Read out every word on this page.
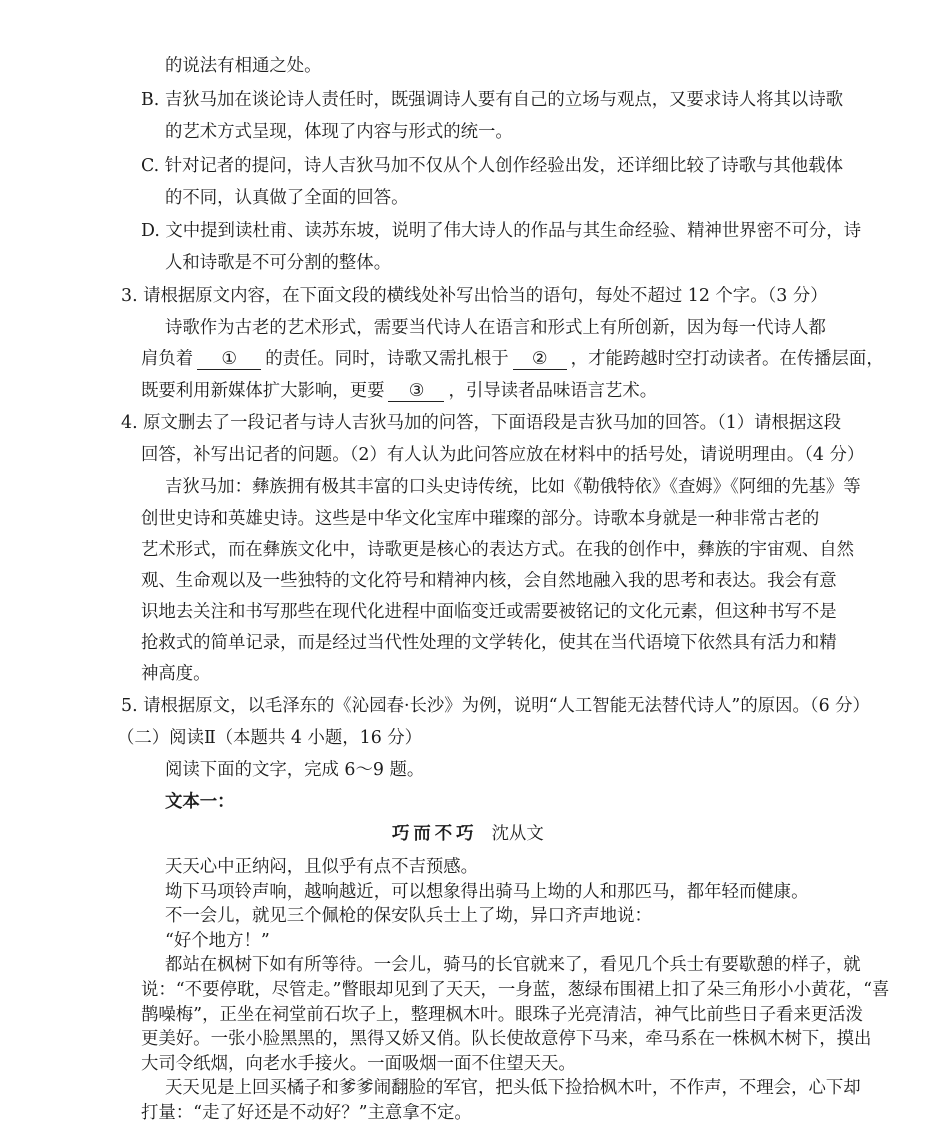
的说法有相通之处。
B. 吉狄马加在谈论诗人责任时，既强调诗人要有自己的立场与观点，又要求诗人将其以诗歌
的艺术方式呈现，体现了内容与形式的统一。
C. 针对记者的提问，诗人吉狄马加不仅从个人创作经验出发，还详细比较了诗歌与其他载体
的不同，认真做了全面的回答。
D. 文中提到读杜甫、读苏东坡，说明了伟大诗人的作品与其生命经验、精神世界密不可分，诗
人和诗歌是不可分割的整体。
3. 请根据原文内容，在下面文段的横线处补写出恰当的语句，每处不超过 12 个字。（3 分）
诗歌作为古老的艺术形式，需要当代诗人在语言和形式上有所创新，因为每一代诗人都
肩负着 ① 的责任。同时，诗歌又需扎根于 ② ，才能跨越时空打动读者。在传播层面，
既要利用新媒体扩大影响，更要 ③ ，引导读者品味语言艺术。
4. 原文删去了一段记者与诗人吉狄马加的问答，下面语段是吉狄马加的回答。（1）请根据这段
回答，补写出记者的问题。（2）有人认为此问答应放在材料中的括号处，请说明理由。（4 分）
吉狄马加：彝族拥有极其丰富的口头史诗传统，比如《勒俄特依》《查姆》《阿细的先基》等
创世史诗和英雄史诗。这些是中华文化宝库中璀璨的部分。诗歌本身就是一种非常古老的
艺术形式，而在彝族文化中，诗歌更是核心的表达方式。在我的创作中，彝族的宇宙观、自然
观、生命观以及一些独特的文化符号和精神内核，会自然地融入我的思考和表达。我会有意
识地去关注和书写那些在现代化进程中面临变迁或需要被铭记的文化元素，但这种书写不是
抢救式的简单记录，而是经过当代性处理的文学转化，使其在当代语境下依然具有活力和精
神高度。
5. 请根据原文，以毛泽东的《沁园春·长沙》为例，说明“人工智能无法替代诗人”的原因。（6 分）
（二）阅读Ⅱ（本题共 4 小题，16 分）
阅读下面的文字，完成 6～9 题。
文本一：
巧而不巧 沈从文
天天心中正纳闷，且似乎有点不吉预感。
坳下马项铃声响，越响越近，可以想象得出骑马上坳的人和那匹马，都年轻而健康。
不一会儿，就见三个佩枪的保安队兵士上了坳，异口齐声地说：
“好个地方！”
都站在枫树下如有所等待。一会儿，骑马的长官就来了，看见几个兵士有要歇憩的样子，就
说：“不要停耽，尽管走。”瞥眼却见到了天天，一身蓝，葱绿布围裙上扣了朵三角形小小黄花，“喜
鹊噪梅”，正坐在祠堂前石坎子上，整理枫木叶。眼珠子光亮清洁，神气比前些日子看来更活泼
更美好。一张小脸黑黑的，黑得又娇又俏。队长使故意停下马来，牵马系在一株枫木树下，摸出
大司令纸烟，向老水手接火。一面吸烟一面不住望天天。
天天见是上回买橘子和爹爹闹翻脸的军官，把头低下捡拾枫木叶，不作声，不理会，心下却
打量：“走了好还是不动好？”主意拿不定。
